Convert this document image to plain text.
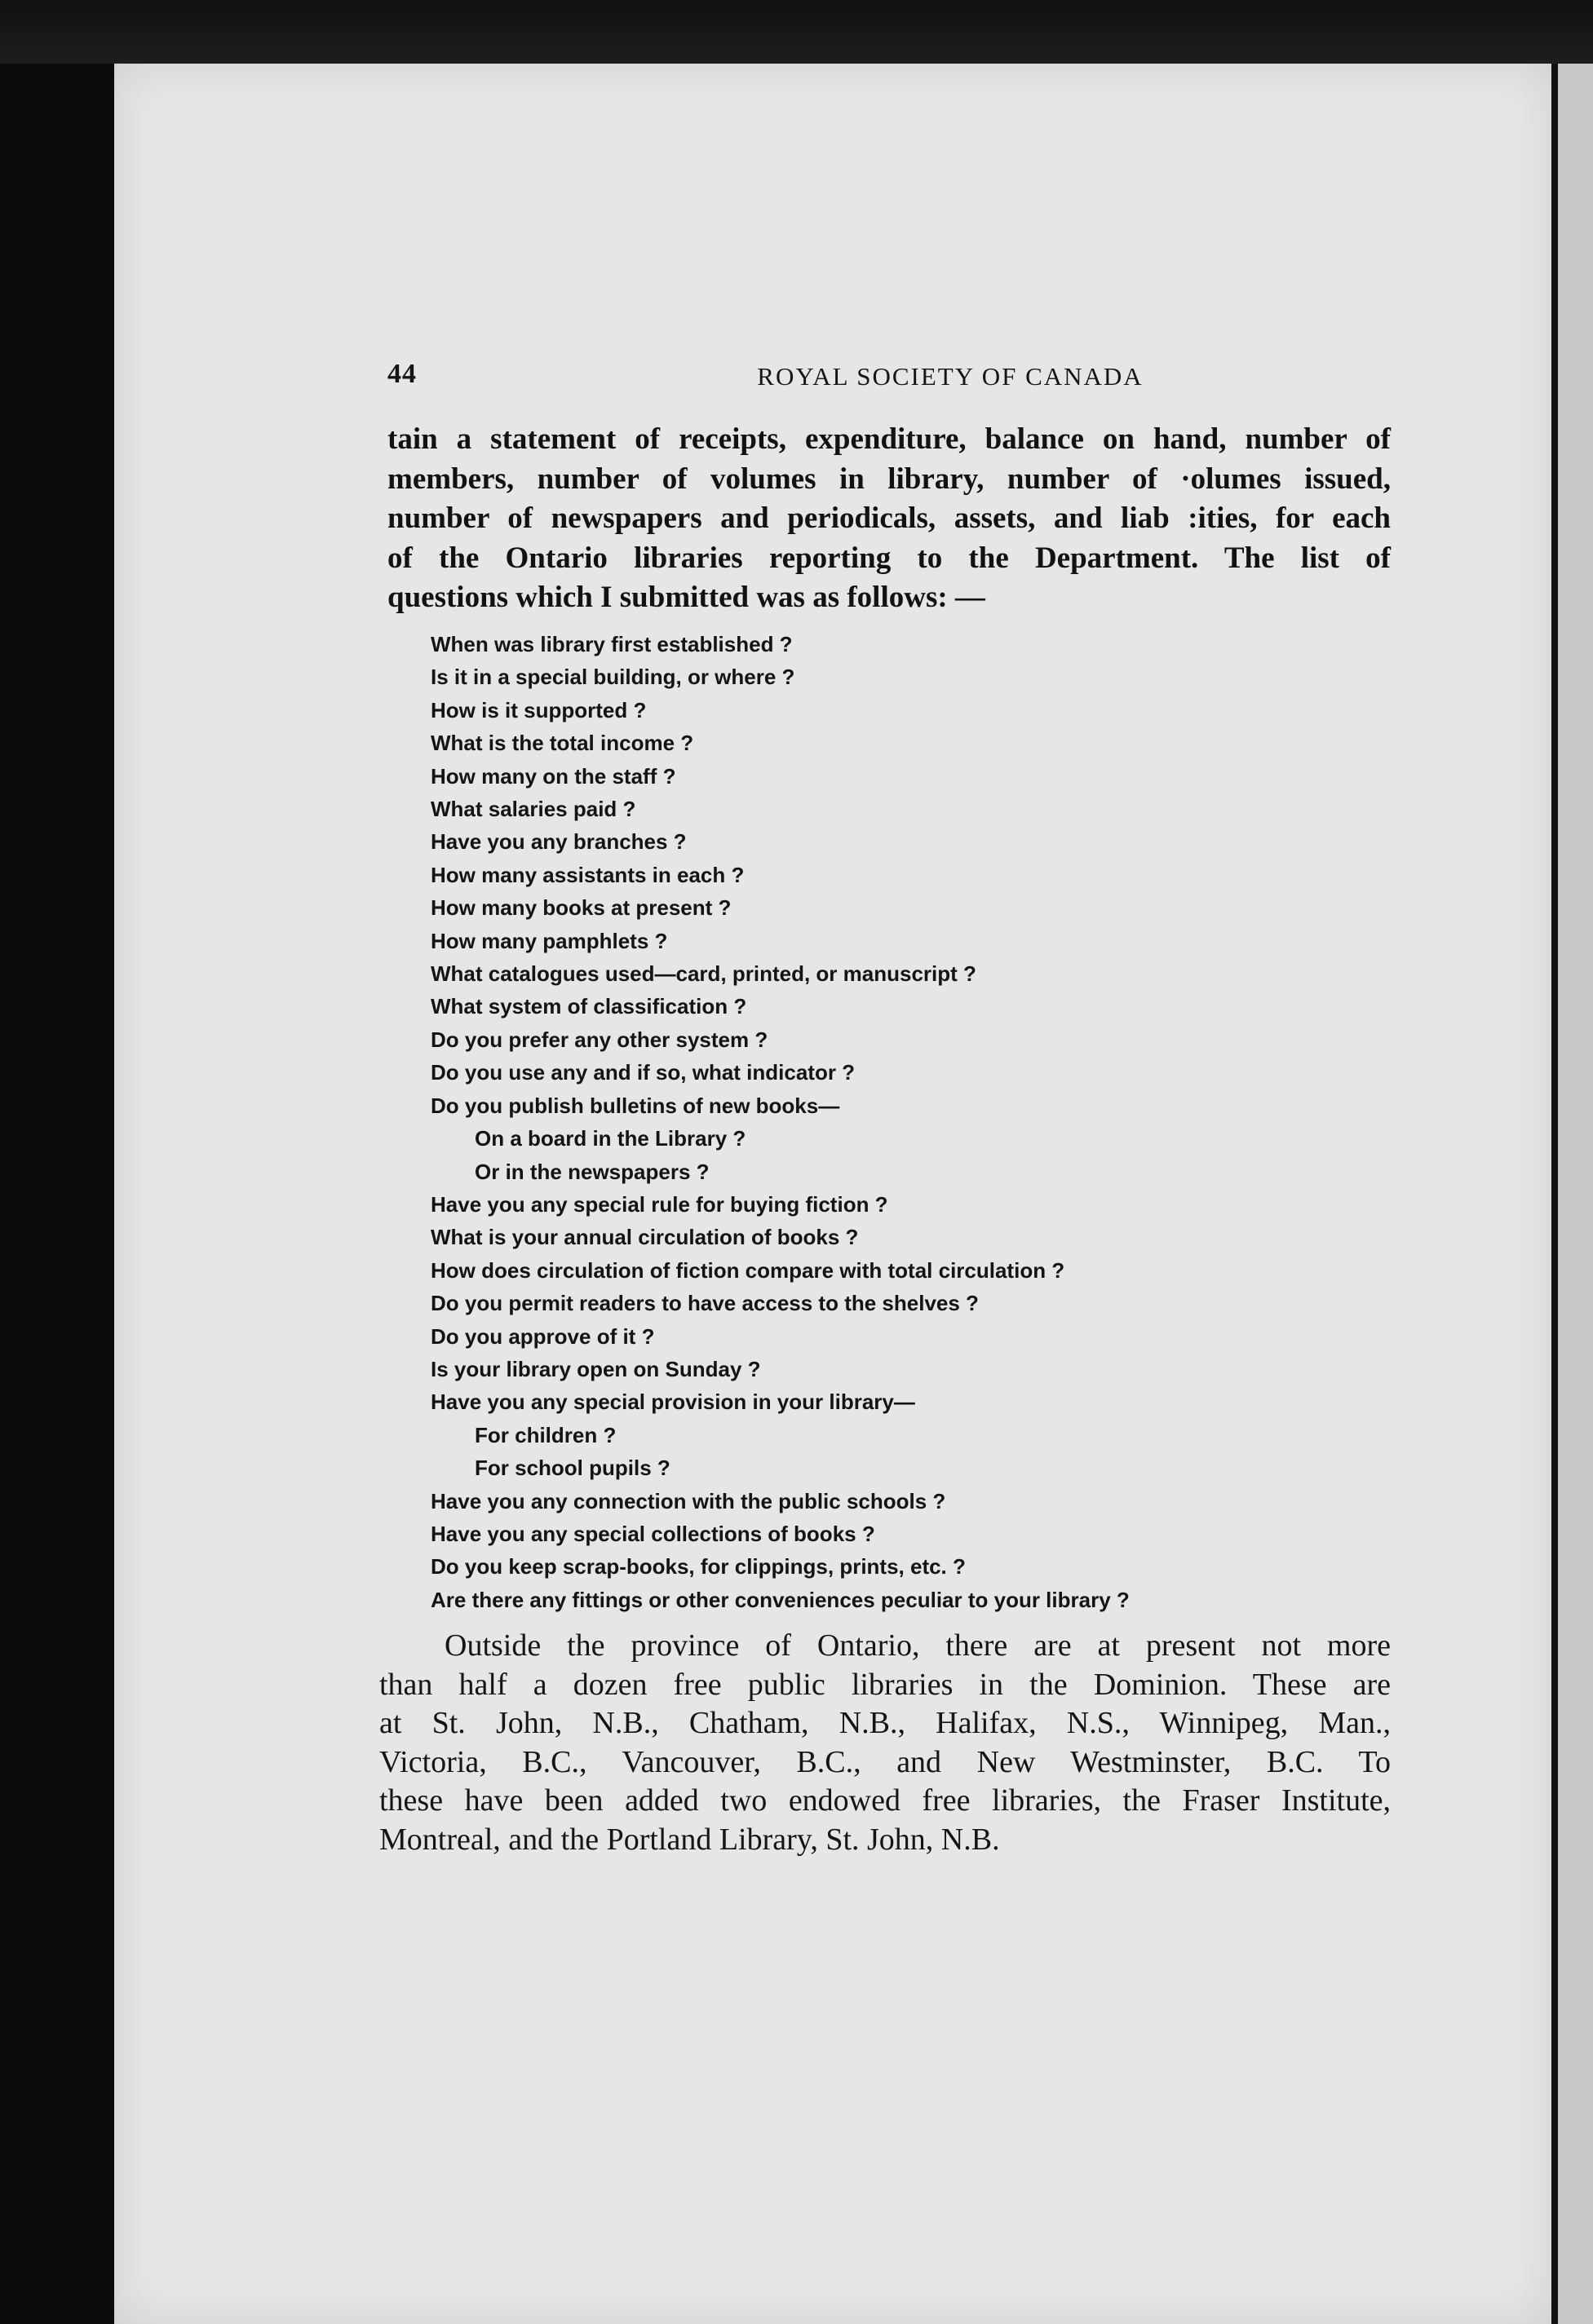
44	ROYAL SOCIETY OF CANADA
tain a statement of receipts, expenditure, balance on hand, number of
members, number of volumes in library, number of ·olumes issued,
number of newspapers and periodicals, assets, and liab :ities, for each
of the Ontario libraries reporting to the Department. The list of
questions which I submitted was as follows: —
When was library first established ?
Is it in a special building, or where ?
How is it supported ?
What is the total income ?
How many on the staff ?
What salaries paid ?
Have you any branches ?
How many assistants in each ?
How many books at present ?
How many pamphlets ?
What catalogues used—card, printed, or manuscript ?
What system of classification ?
Do you prefer any other system ?
Do you use any and if so, what indicator ?
Do you publish bulletins of new books—
On a board in the Library ?
Or in the newspapers ?
Have you any special rule for buying fiction ?
What is your annual circulation of books ?
How does circulation of fiction compare with total circulation ?
Do you permit readers to have access to the shelves ?
Do you approve of it ?
Is your library open on Sunday ?
Have you any special provision in your library—
For children ?
For school pupils ?
Have you any connection with the public schools ?
Have you any special collections of books ?
Do you keep scrap-books, for clippings, prints, etc. ?
Are there any fittings or other conveniences peculiar to your library ?
Outside the province of Ontario, there are at present not more
than half a dozen free public libraries in the Dominion. These are
at St. John, N.B., Chatham, N.B., Halifax, N.S., Winnipeg, Man.,
Victoria, B.C., Vancouver, B.C., and New Westminster, B.C. To
these have been added two endowed free libraries, the Fraser Institute,
Montreal, and the Portland Library, St. John, N.B.
